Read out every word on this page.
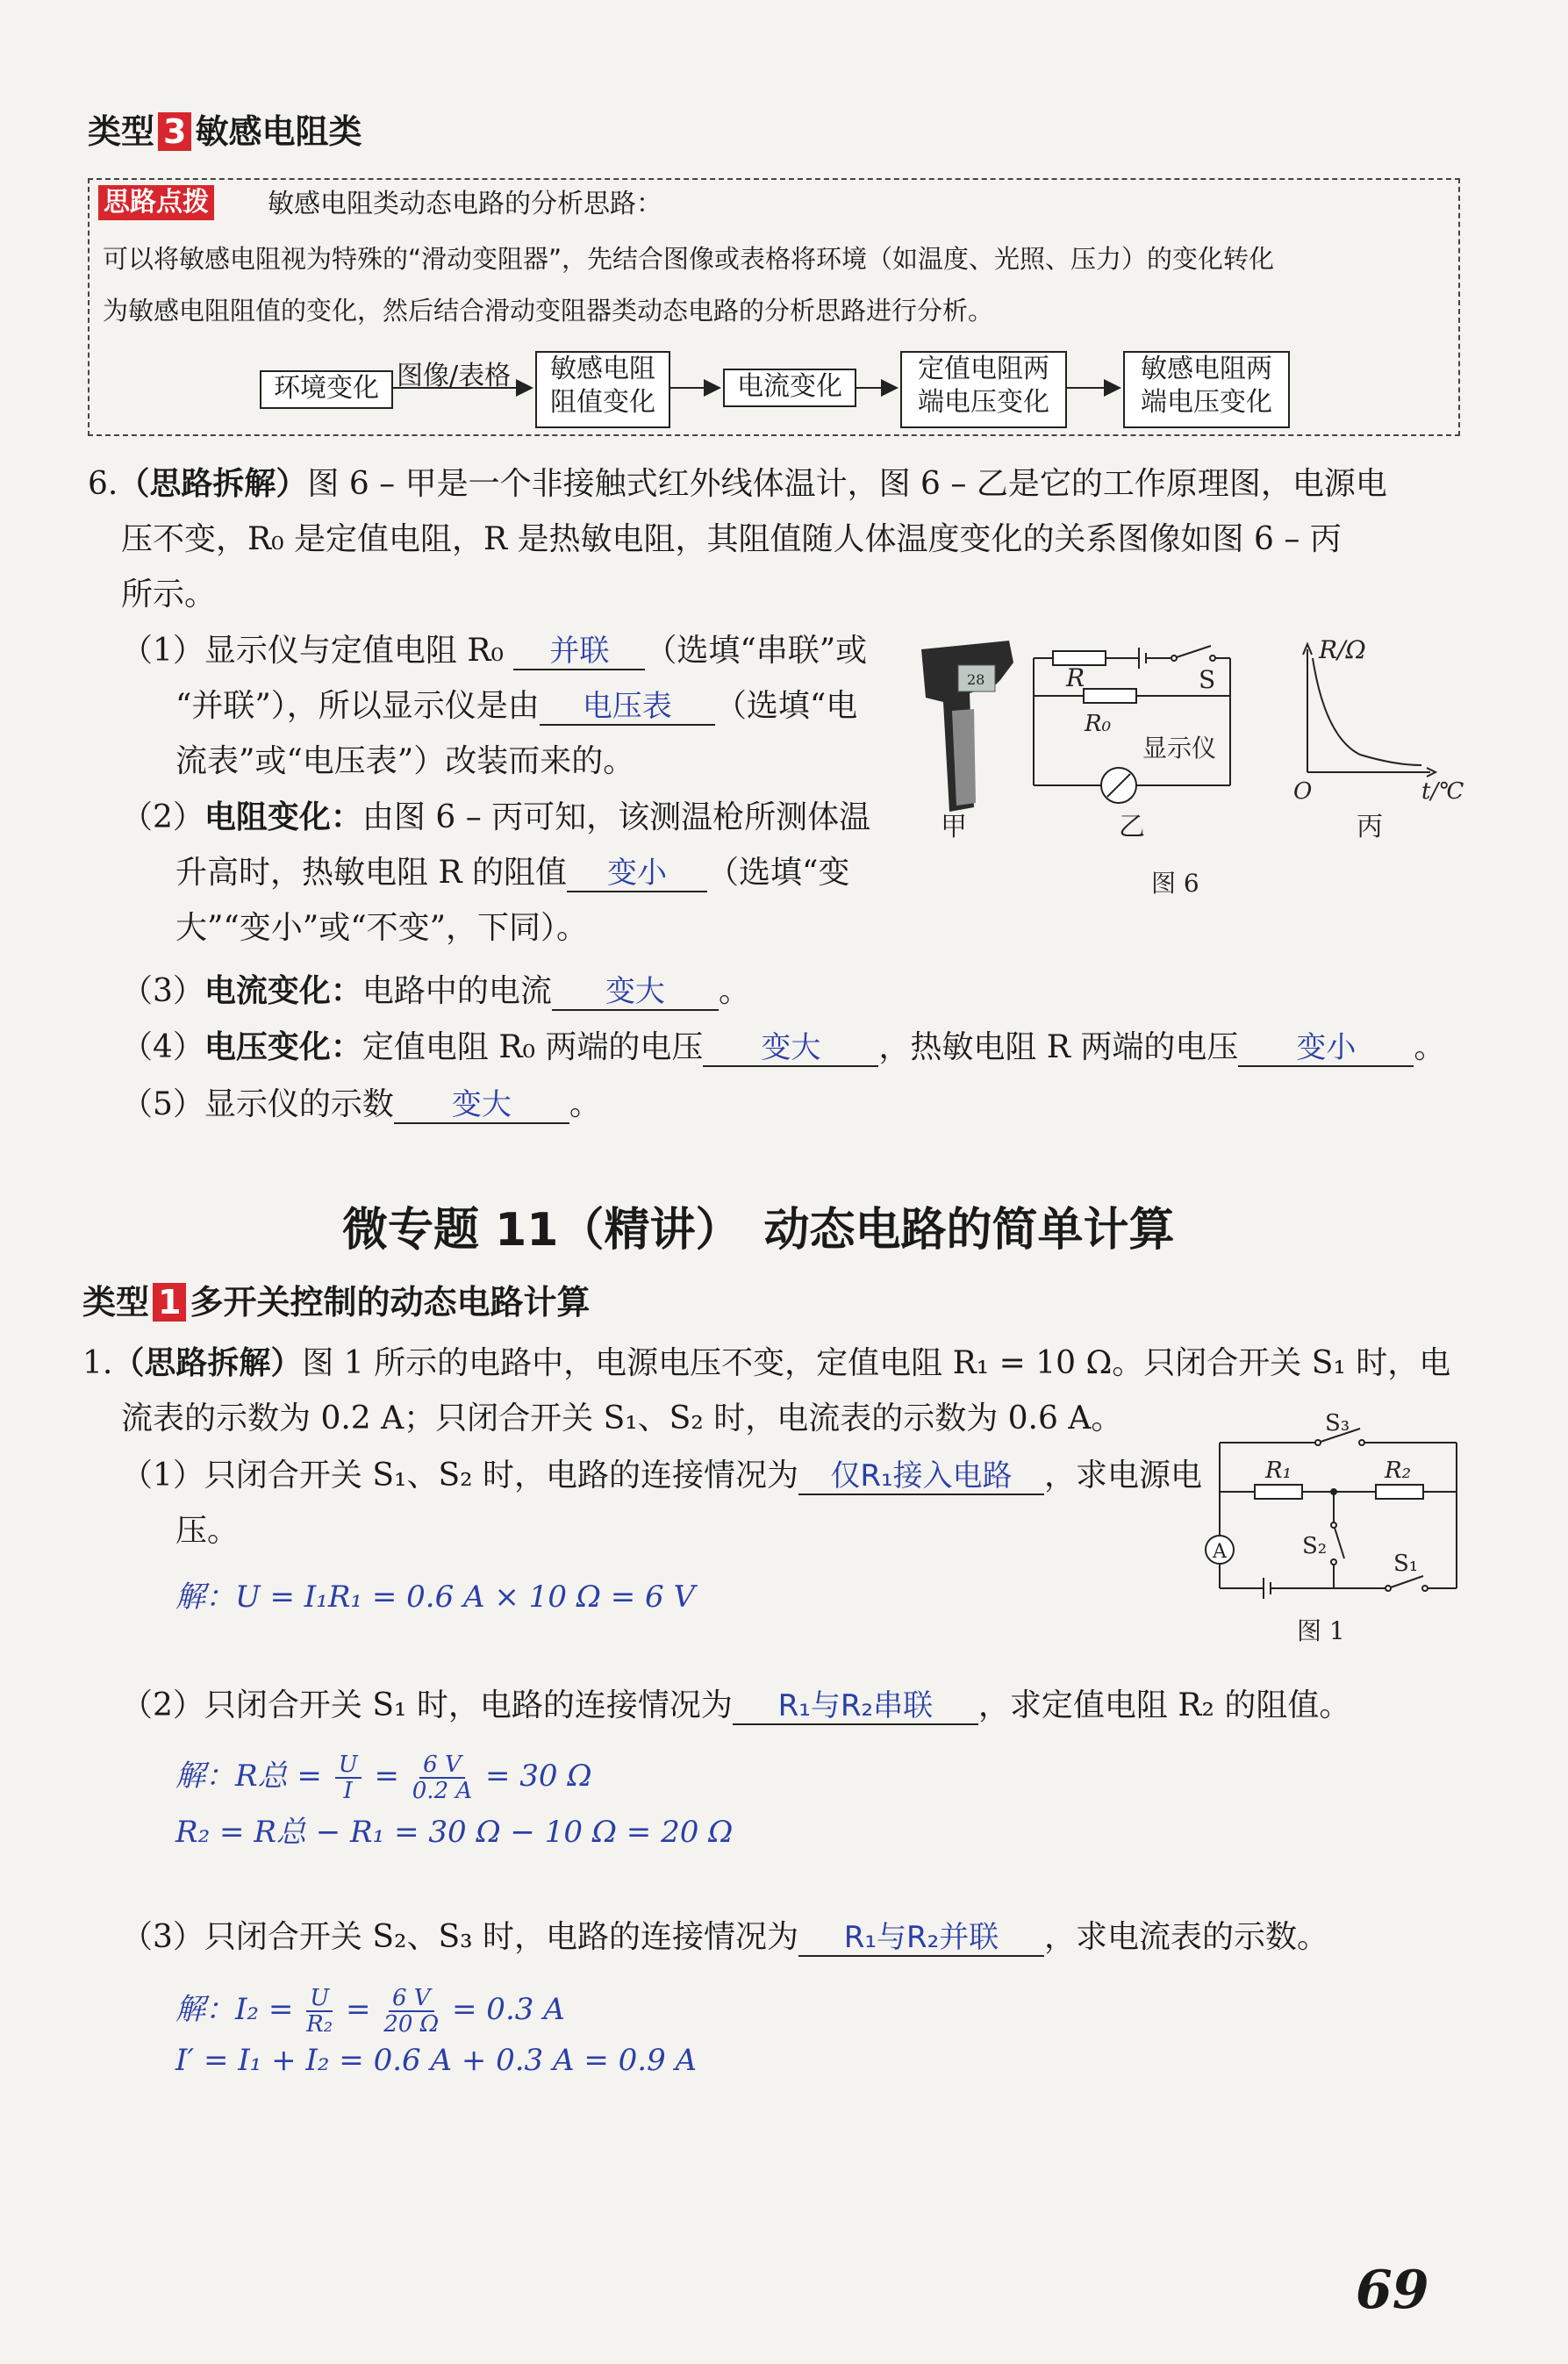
类型 3 敏感电阻类
思路点拨 敏感电阻类动态电路的分析思路：
可以将敏感电阻视为特殊的“滑动变阻器”，先结合图像或表格将环境（如温度、光照、压力）的变化转化
为敏感电阻阻值的变化，然后结合滑动变阻器类动态电路的分析思路进行分析。
环境变化 图像/表格	敏感电阻
阻值变化
电流变化
定值电阻两
端电压变化
敏感电阻两
端电压变化
6.（思路拆解）图 6 – 甲是一个非接触式红外线体温计，图 6 – 乙是它的工作原理图，电源电
压不变，R₀ 是定值电阻，R 是热敏电阻，其阻值随人体温度变化的关系图像如图 6 – 丙
所示。
（1）显示仪与定值电阻 R₀ 并联 （选填“串联”或
“并联”），所以显示仪是由 电压表 （选填“电
流表”或“电压表”）改装而来的。
（2）电阻变化：由图 6 – 丙可知，该测温枪所测体温
升高时，热敏电阻 R 的阻值 变小 （选填“变
大”“变小”或“不变”，下同）。
（3）电流变化：电路中的电流 变大 。
（4）电压变化：定值电阻 R₀ 两端的电压 变大 ，热敏电阻 R 两端的电压 变小 。
（5）显示仪的示数 变大 。
28	R	S
R₀
显示仪
R/Ω
t/℃
O
甲	乙	丙
图 6
微专题 11（精讲）　动态电路的简单计算
类型 1 多开关控制的动态电路计算
1.（思路拆解）图 1 所示的电路中，电源电压不变，定值电阻 R₁ = 10 Ω。只闭合开关 S₁ 时，电
流表的示数为 0.2 A；只闭合开关 S₁、S₂ 时，电流表的示数为 0.6 A。
（1）只闭合开关 S₁、S₂ 时，电路的连接情况为 仅R₁接入电路 ，求电源电
压。
解：U = I₁R₁ = 0.6 A × 10 Ω = 6 V
（2）只闭合开关 S₁ 时，电路的连接情况为 R₁与R₂串联 ，求定值电阻 R₂ 的阻值。
解：R总 = $\frac{U}{I} = \frac{6 V}{0.2 A} = 30$ Ω
R₂ = R总 − R₁ = 30 Ω − 10 Ω = 20 Ω
（3）只闭合开关 S₂、S₃ 时，电路的连接情况为 R₁与R₂并联 ，求电流表的示数。
解：$I_2 = \frac{U}{\text{R₂}} = \frac{6 V}{20 \Omega} = 0.3$ A
I′ = I₁ + I₂ = 0.6 A + 0.3 A = 0.9 A
A
S₃
R₁	R₂
S₂
S₁
图 1
69
